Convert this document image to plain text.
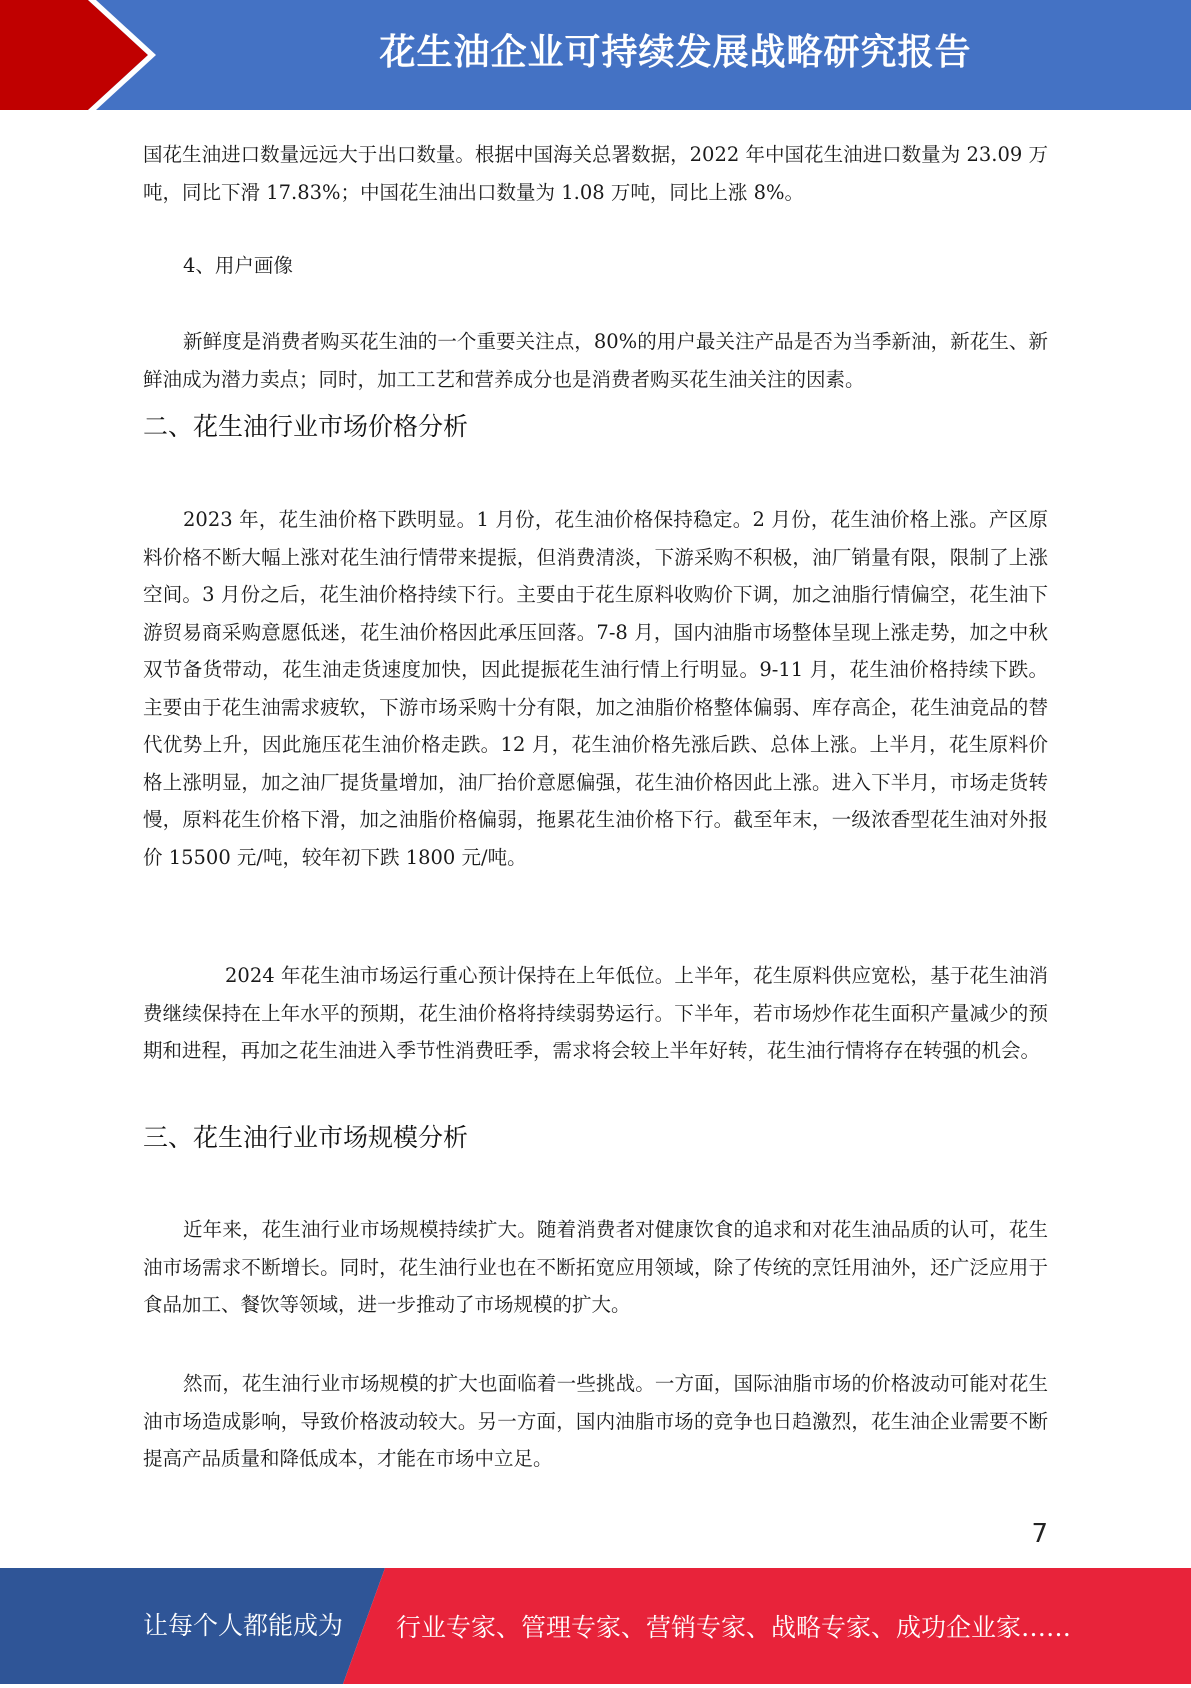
花生油企业可持续发展战略研究报告

国花生油进口数量远远大于出口数量。根据中国海关总署数据，2022 年中国花生油进口数量为 23.09 万吨，同比下滑 17.83%；中国花生油出口数量为 1.08 万吨，同比上涨 8%。

4、用户画像

新鲜度是消费者购买花生油的一个重要关注点，80%的用户最关注产品是否为当季新油，新花生、新鲜油成为潜力卖点；同时，加工工艺和营养成分也是消费者购买花生油关注的因素。

二、花生油行业市场价格分析

2023 年，花生油价格下跌明显。1 月份，花生油价格保持稳定。2 月份，花生油价格上涨。产区原料价格不断大幅上涨对花生油行情带来提振，但消费清淡，下游采购不积极，油厂销量有限，限制了上涨空间。3 月份之后，花生油价格持续下行。主要由于花生原料收购价下调，加之油脂行情偏空，花生油下游贸易商采购意愿低迷，花生油价格因此承压回落。7-8 月，国内油脂市场整体呈现上涨走势，加之中秋双节备货带动，花生油走货速度加快，因此提振花生油行情上行明显。9-11 月，花生油价格持续下跌。主要由于花生油需求疲软，下游市场采购十分有限，加之油脂价格整体偏弱、库存高企，花生油竞品的替代优势上升，因此施压花生油价格走跌。12 月，花生油价格先涨后跌、总体上涨。上半月，花生原料价格上涨明显，加之油厂提货量增加，油厂抬价意愿偏强，花生油价格因此上涨。进入下半月，市场走货转慢，原料花生价格下滑，加之油脂价格偏弱，拖累花生油价格下行。截至年末，一级浓香型花生油对外报价 15500 元/吨，较年初下跌 1800 元/吨。

2024 年花生油市场运行重心预计保持在上年低位。上半年，花生原料供应宽松，基于花生油消费继续保持在上年水平的预期，花生油价格将持续弱势运行。下半年，若市场炒作花生面积产量减少的预期和进程，再加之花生油进入季节性消费旺季，需求将会较上半年好转，花生油行情将存在转强的机会。

三、花生油行业市场规模分析

近年来，花生油行业市场规模持续扩大。随着消费者对健康饮食的追求和对花生油品质的认可，花生油市场需求不断增长。同时，花生油行业也在不断拓宽应用领域，除了传统的烹饪用油外，还广泛应用于食品加工、餐饮等领域，进一步推动了市场规模的扩大。

然而，花生油行业市场规模的扩大也面临着一些挑战。一方面，国际油脂市场的价格波动可能对花生油市场造成影响，导致价格波动较大。另一方面，国内油脂市场的竞争也日趋激烈，花生油企业需要不断提高产品质量和降低成本，才能在市场中立足。

7
让每个人都能成为 行业专家、管理专家、营销专家、战略专家、成功企业家……
